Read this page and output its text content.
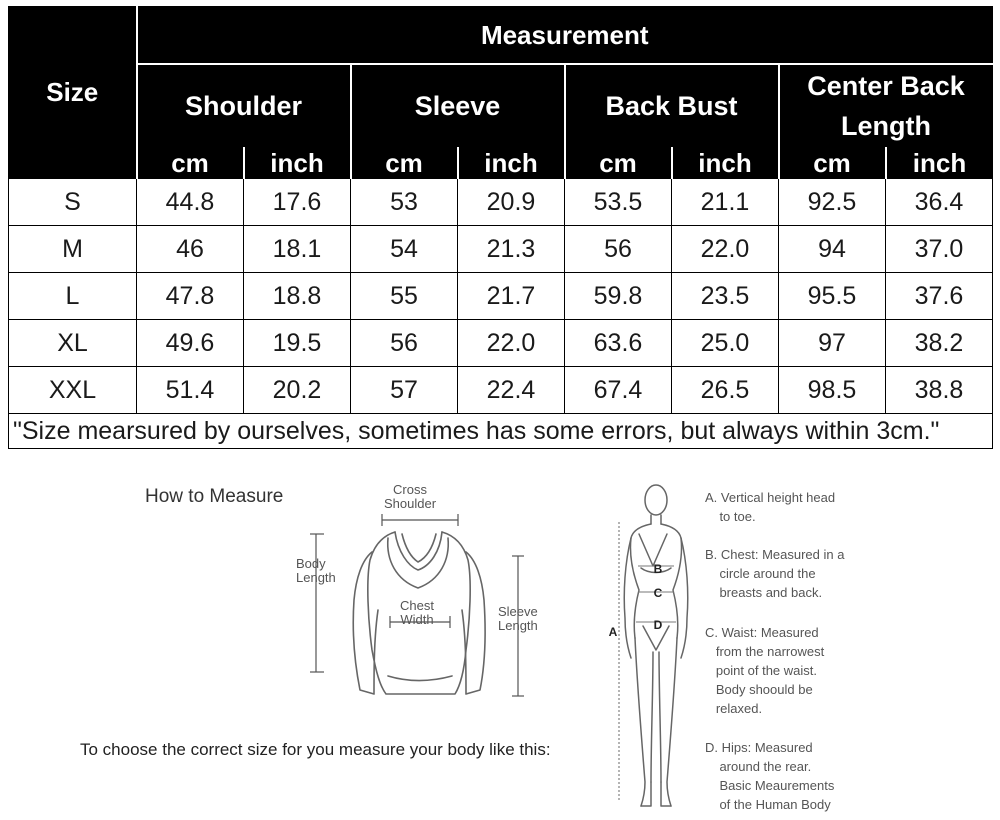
Size	Measurement							
	Shoulder		Sleeve		Back Bust		Center Back Length	
	cm	inch	cm	inch	cm	inch	cm	inch
S	44.8	17.6	53	20.9	53.5	21.1	92.5	36.4
M	46	18.1	54	21.3	56	22.0	94	37.0
L	47.8	18.8	55	21.7	59.8	23.5	95.5	37.6
XL	49.6	19.5	56	22.0	63.6	25.0	97	38.2
XXL	51.4	20.2	57	22.4	67.4	26.5	98.5	38.8
"Size mearsured by ourselves, sometimes has some errors, but always within 3cm."								
How to Measure	Cross
Shoulder
Body
Length
Chest
Width
Sleeve
Length
To choose the correct size for you measure your body like this:
A
B
C
D
A. Vertical height head
to toe.
B. Chest: Measured in a
circle around the
breasts and back.
C. Waist: Measured
from the narrowest
point of the waist.
Body shoould be
relaxed.
D. Hips: Measured
around the rear.
Basic Meaurements
of the Human Body
